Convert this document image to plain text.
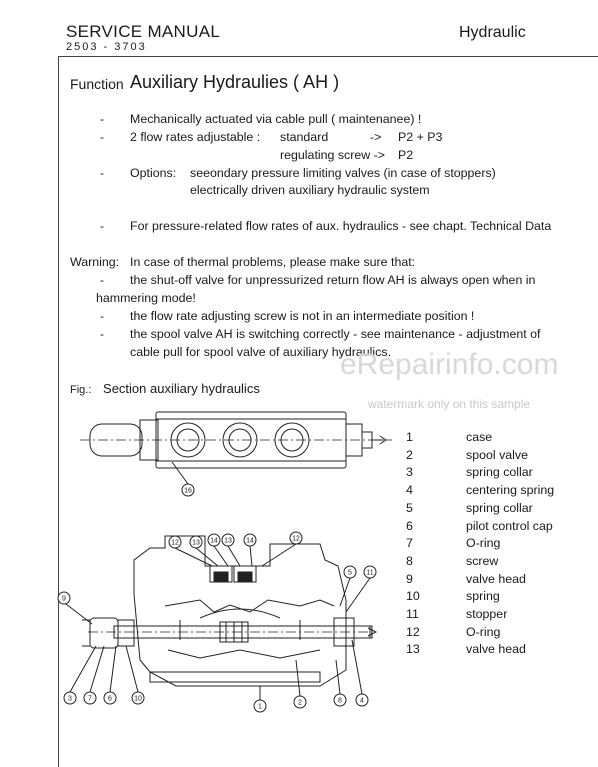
SERVICE MANUAL
2503 - 3703
Hydraulic
Function Auxiliary Hydraulies ( AH )
- Mechanically actuated via cable pull ( maintenanee) !
- 2 flow rates adjustable : standard	-> P2 + P3
regulating screw -> P2
- Options: seeondary pressure limiting valves (in case of stoppers)
electrically driven auxiliary hydraulic system
- For pressure-related flow rates of aux. hydraulics - see chapt. Technical Data
Warning: In case of thermal problems, please make sure that:
- the shut-off valve for unpressurized return flow AH is always open when in
hammering mode!
- the flow rate adjusting screw is not in an intermediate position !
- the spool valve AH is switching correctly - see maintenance - adjustment of
cable pull for spool valve of auxiliary hydraulics.
eRepairinfo.com
watermark only on this sample
Fig.: Section auxiliary hydraulics
1	case
2	spool valve
3	spring collar
4	centering spring
5	spring collar
6	pilot control cap
7	O-ring
8	screw
9	valve head
10	spring
11	stopper
12	O-ring
13	valve head
16
12 13 14 13 14	12
5 11
9
3 7 6	10
1
2	8	4
